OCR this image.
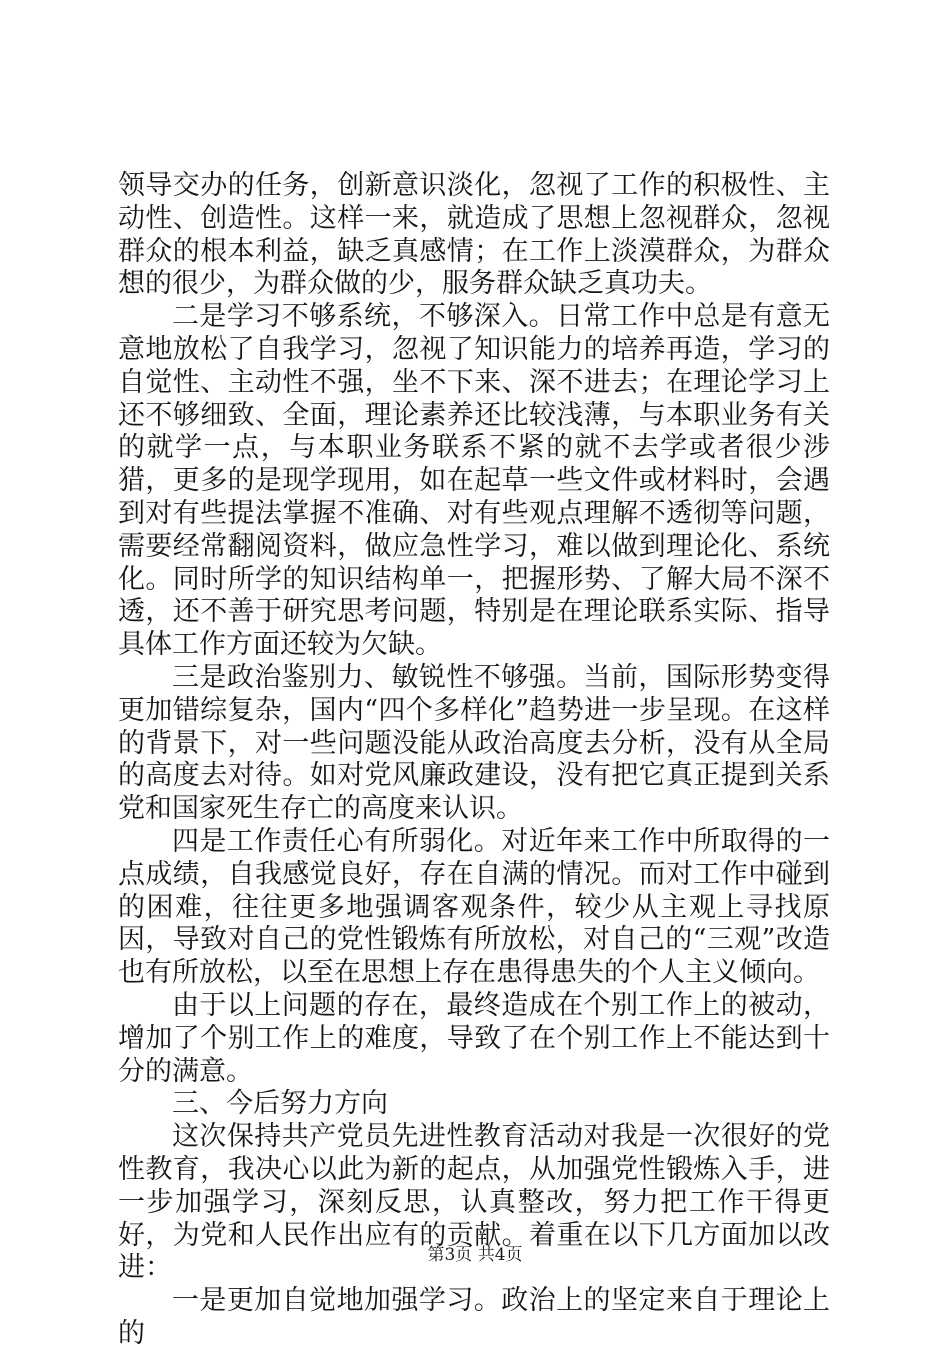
领导交办的任务，创新意识淡化，忽视了工作的积极性、主动性、创造性。这样一来，就造成了思想上忽视群众，忽视群众的根本利益，缺乏真感情；在工作上淡漠群众，为群众想的很少，为群众做的少，服务群众缺乏真功夫。

二是学习不够系统，不够深入。日常工作中总是有意无意地放松了自我学习，忽视了知识能力的培养再造，学习的自觉性、主动性不强，坐不下来、深不进去；在理论学习上还不够细致、全面，理论素养还比较浅薄，与本职业务有关的就学一点，与本职业务联系不紧的就不去学或者很少涉猎，更多的是现学现用，如在起草一些文件或材料时，会遇到对有些提法掌握不准确、对有些观点理解不透彻等问题，需要经常翻阅资料，做应急性学习，难以做到理论化、系统化。同时所学的知识结构单一，把握形势、了解大局不深不透，还不善于研究思考问题，特别是在理论联系实际、指导具体工作方面还较为欠缺。

三是政治鉴别力、敏锐性不够强。当前，国际形势变得更加错综复杂，国内“四个多样化”趋势进一步呈现。在这样的背景下，对一些问题没能从政治高度去分析，没有从全局的高度去对待。如对党风廉政建设，没有把它真正提到关系党和国家死生存亡的高度来认识。

四是工作责任心有所弱化。对近年来工作中所取得的一点成绩，自我感觉良好，存在自满的情况。而对工作中碰到的困难，往往更多地强调客观条件，较少从主观上寻找原因，导致对自己的党性锻炼有所放松，对自己的“三观”改造也有所放松，以至在思想上存在患得患失的个人主义倾向。

由于以上问题的存在，最终造成在个别工作上的被动，增加了个别工作上的难度，导致了在个别工作上不能达到十分的满意。

三、今后努力方向

这次保持共产党员先进性教育活动对我是一次很好的党性教育，我决心以此为新的起点，从加强党性锻炼入手，进一步加强学习，深刻反思，认真整改，努力把工作干得更好，为党和人民作出应有的贡献。着重在以下几方面加以改进：

一是更加自觉地加强学习。政治上的坚定来自于理论上的

第3页 共4页
